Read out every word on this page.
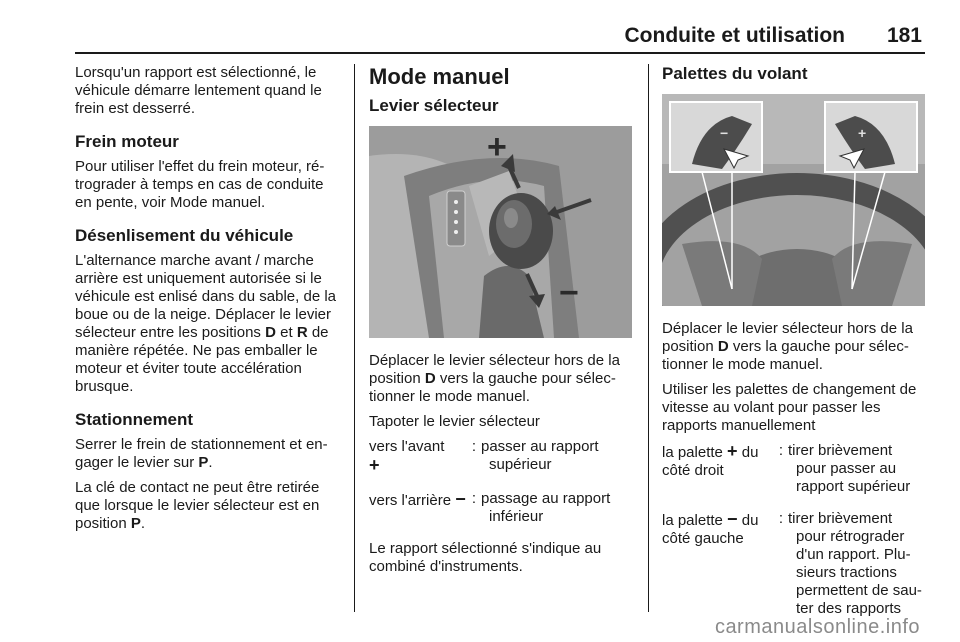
Conduite et utilisation 181

Lorsqu'un rapport est sélectionné, le véhicule démarre lentement quand le frein est desserré.

Frein moteur

Pour utiliser l'effet du frein moteur, rétrograder à temps en cas de conduite en pente, voir Mode manuel.

Désenlisement du véhicule

L'alternance marche avant / marche arrière est uniquement autorisée si le véhicule est enlisé dans du sable, de la boue ou de la neige. Déplacer le levier sélecteur entre les positions D et R de manière répétée. Ne pas emballer le moteur et éviter toute accélération brusque.

Stationnement

Serrer le frein de stationnement et engager le levier sur P.

La clé de contact ne peut être retirée que lorsque le levier sélecteur est en position P.

Mode manuel
Levier sélecteur
+
−

Déplacer le levier sélecteur hors de la position D vers la gauche pour sélectionner le mode manuel.

Tapoter le levier sélecteur

vers l'avant
+
: passer au rapport supérieur
vers l'arrière − : passage au rapport inférieur

Le rapport sélectionné s'indique au combiné d'instruments.

Palettes du volant
−	+

Déplacer le levier sélecteur hors de la position D vers la gauche pour sélectionner le mode manuel.

Utiliser les palettes de changement de vitesse au volant pour passer les rapports manuellement

la palette + du côté droit
: tirer brièvement pour passer au rapport supérieur
la palette − du côté gauche
: tirer brièvement pour rétrograder d'un rapport. Plusieurs tractions permettent de sauter des rapports
carmanualsonline.info
